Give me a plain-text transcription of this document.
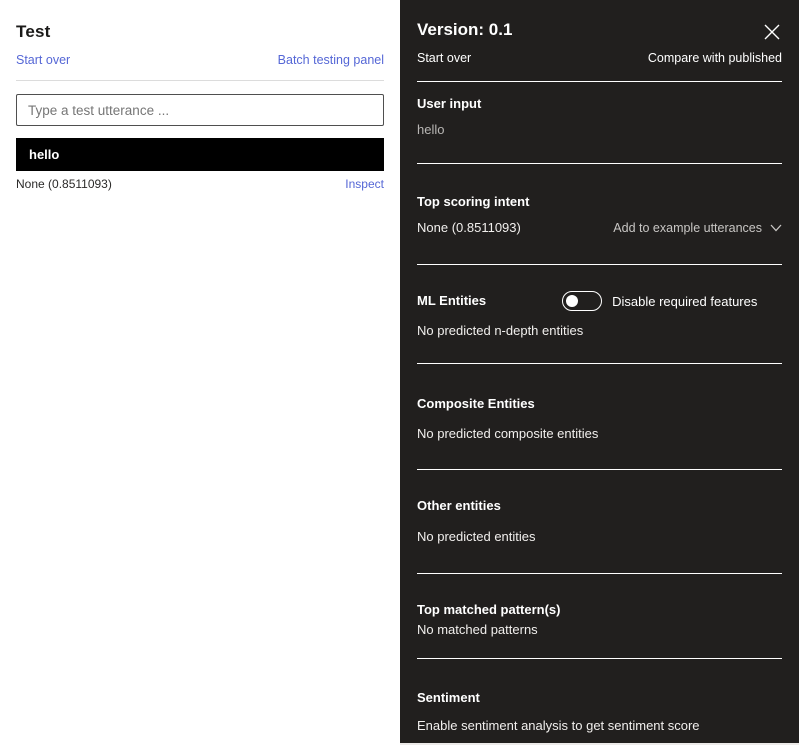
Test
Start over	Batch testing panel
Type a test utterance ...
hello
None (0.8511093)	Inspect
Version: 0.1
Start over	Compare with published
User input
hello
Top scoring intent
None (0.8511093)	Add to example utterances
ML Entities	Disable required features
No predicted n-depth entities
Composite Entities
No predicted composite entities
Other entities
No predicted entities
Top matched pattern(s)
No matched patterns
Sentiment
Enable sentiment analysis to get sentiment score
